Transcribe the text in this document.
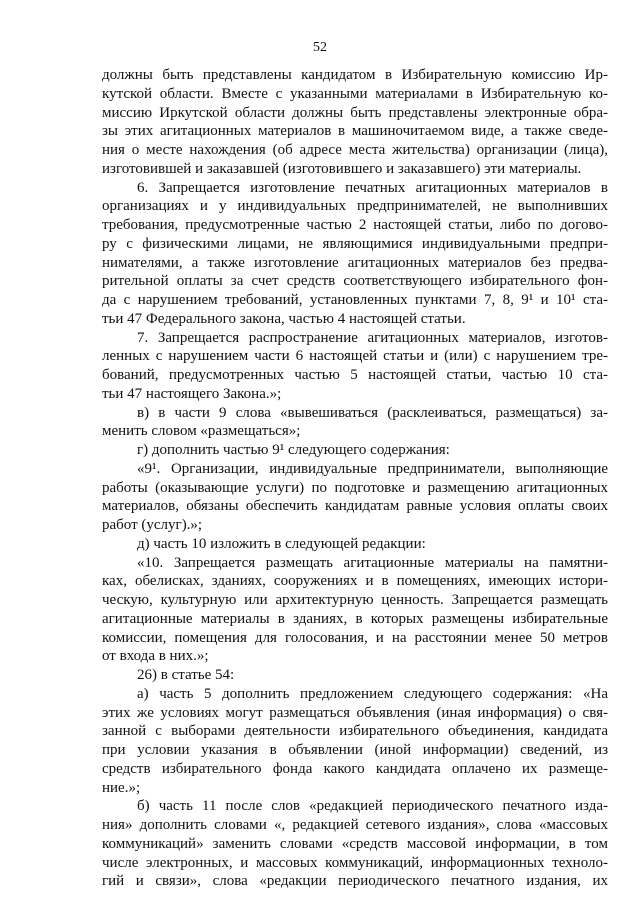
52
должны быть представлены кандидатом в Избирательную комиссию Ир-
кутской области. Вместе с указанными материалами в Избирательную ко-
миссию Иркутской области должны быть представлены электронные обра-
зы этих агитационных материалов в машиночитаемом виде, а также сведе-
ния о месте нахождения (об адресе места жительства) организации (лица),
изготовившей и заказавшей (изготовившего и заказавшего) эти материалы.
6. Запрещается изготовление печатных агитационных материалов в
организациях и у индивидуальных предпринимателей, не выполнивших
требования, предусмотренные частью 2 настоящей статьи, либо по догово-
ру с физическими лицами, не являющимися индивидуальными предпри-
нимателями, а также изготовление агитационных материалов без предва-
рительной оплаты за счет средств соответствующего избирательного фон-
да с нарушением требований, установленных пунктами 7, 8, 9¹ и 10¹ ста-
тьи 47 Федерального закона, частью 4 настоящей статьи.
7. Запрещается распространение агитационных материалов, изготов-
ленных с нарушением части 6 настоящей статьи и (или) с нарушением тре-
бований, предусмотренных частью 5 настоящей статьи, частью 10 ста-
тьи 47 настоящего Закона.»;
в) в части 9 слова «вывешиваться (расклеиваться, размещаться) за-
менить словом «размещаться»;
г) дополнить частью 9¹ следующего содержания:
«9¹. Организации, индивидуальные предприниматели, выполняющие
работы (оказывающие услуги) по подготовке и размещению агитационных
материалов, обязаны обеспечить кандидатам равные условия оплаты своих
работ (услуг).»;
д) часть 10 изложить в следующей редакции:
«10. Запрещается размещать агитационные материалы на памятни-
ках, обелисках, зданиях, сооружениях и в помещениях, имеющих истори-
ческую, культурную или архитектурную ценность. Запрещается размещать
агитационные материалы в зданиях, в которых размещены избирательные
комиссии, помещения для голосования, и на расстоянии менее 50 метров
от входа в них.»;
26) в статье 54:
а) часть 5 дополнить предложением следующего содержания: «На
этих же условиях могут размещаться объявления (иная информация) о свя-
занной с выборами деятельности избирательного объединения, кандидата
при условии указания в объявлении (иной информации) сведений, из
средств избирательного фонда какого кандидата оплачено их размеще-
ние.»;
б) часть 11 после слов «редакцией периодического печатного изда-
ния» дополнить словами «, редакцией сетевого издания», слова «массовых
коммуникаций» заменить словами «средств массовой информации, в том
числе электронных, и массовых коммуникаций, информационных техноло-
гий и связи», слова «редакции периодического печатного издания, их
